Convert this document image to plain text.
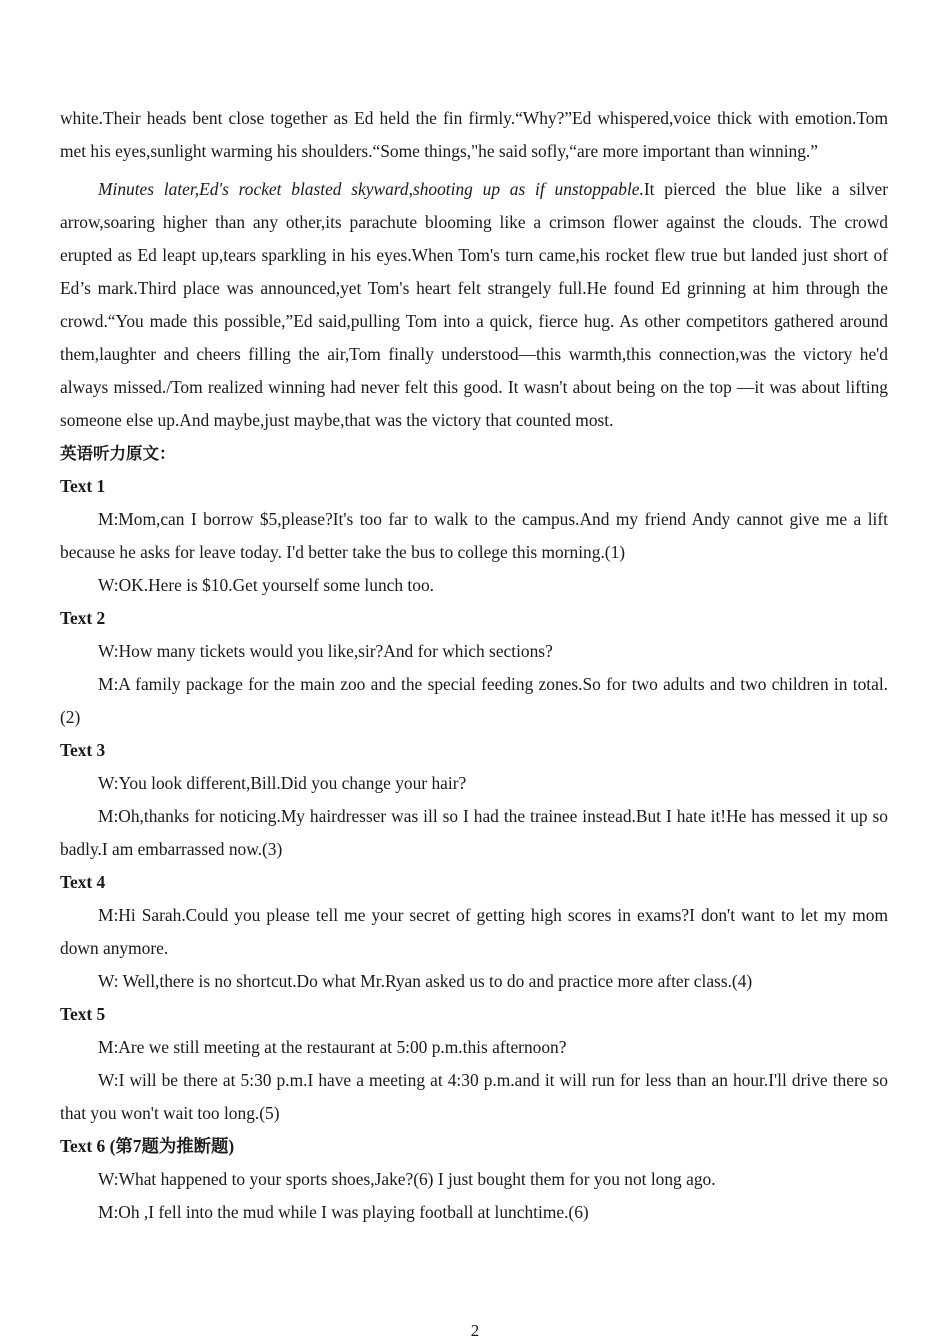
white.Their heads bent close together as Ed held the fin firmly.“Why?”Ed whispered,voice thick with emotion.Tom met his eyes,sunlight warming his shoulders.“Some things,"he said sofly,“are more important than winning.”

Minutes later,Ed's rocket blasted skyward,shooting up as if unstoppable.It pierced the blue like a silver arrow,soaring higher than any other,its parachute blooming like a crimson flower against the clouds. The crowd erupted as Ed leapt up,tears sparkling in his eyes.When Tom's turn came,his rocket flew true but landed just short of Ed’s mark.Third place was announced,yet Tom's heart felt strangely full.He found Ed grinning at him through the crowd.“You made this possible,”Ed said,pulling Tom into a quick, fierce hug. As other competitors gathered around them,laughter and cheers filling the air,Tom finally understood—this warmth,this connection,was the victory he'd always missed./Tom realized winning had never felt this good. It wasn't about being on the top —it was about lifting someone else up.And maybe,just maybe,that was the victory that counted most.

英语听力原文：

Text 1

M:Mom,can I borrow $5,please?It's too far to walk to the campus.And my friend Andy cannot give me a lift because he asks for leave today. I'd better take the bus to college this morning.(1)

W:OK.Here is $10.Get yourself some lunch too.

Text 2

W:How many tickets would you like,sir?And for which sections?

M:A family package for the main zoo and the special feeding zones.So for two adults and two children in total.(2)

Text 3

W:You look different,Bill.Did you change your hair?

M:Oh,thanks for noticing.My hairdresser was ill so I had the trainee instead.But I hate it!He has messed it up so badly.I am embarrassed now.(3)

Text 4

M:Hi Sarah.Could you please tell me your secret of getting high scores in exams?I don't want to let my mom down anymore.

W: Well,there is no shortcut.Do what Mr.Ryan asked us to do and practice more after class.(4)

Text 5

M:Are we still meeting at the restaurant at 5:00 p.m.this afternoon?

W:I will be there at 5:30 p.m.I have a meeting at 4:30 p.m.and it will run for less than an hour.I'll drive there so that you won't wait too long.(5)

Text 6 (第7题为推断题)

W:What happened to your sports shoes,Jake?(6) I just bought them for you not long ago.

M:Oh ,I fell into the mud while I was playing football at lunchtime.(6)

2
